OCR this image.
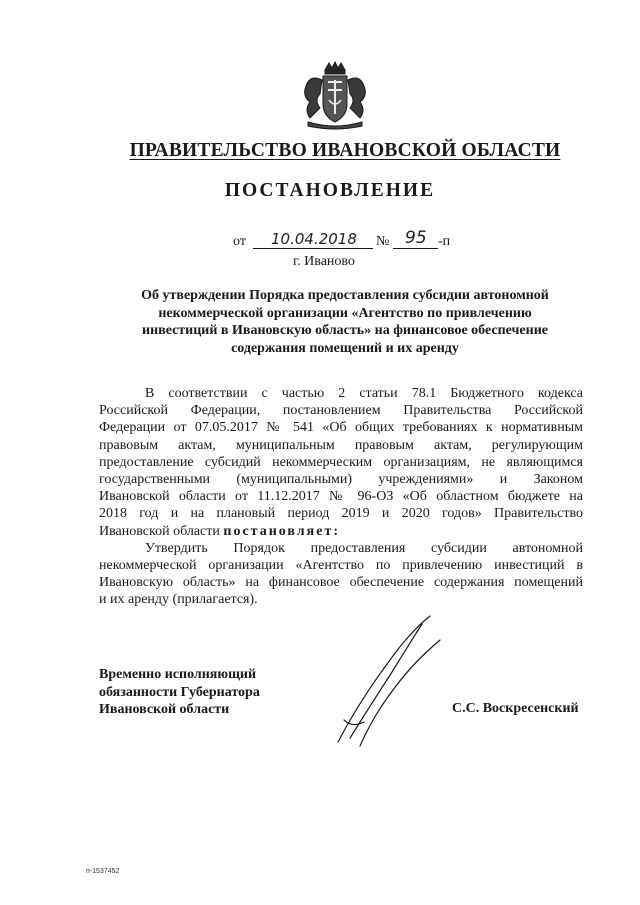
ПРАВИТЕЛЬСТВО ИВАНОВСКОЙ ОБЛАСТИ
ПОСТАНОВЛЕНИЕ
от 10.04.2018 № 95 -п
г. Иваново
Об утверждении Порядка предоставления субсидии автономной
некоммерческой организации «Агентство по привлечению
инвестиций в Ивановскую область» на финансовое обеспечение
содержания помещений и их аренду
В соответствии с частью 2 статьи 78.1 Бюджетного кодекса
Российской Федерации, постановлением Правительства Российской
Федерации от 07.05.2017 № 541 «Об общих требованиях к нормативным
правовым актам, муниципальным правовым актам, регулирующим
предоставление субсидий некоммерческим организациям, не являющимся
государственными (муниципальными) учреждениями» и Законом
Ивановской области от 11.12.2017 № 96-ОЗ «Об областном бюджете на
2018 год и на плановый период 2019 и 2020 годов» Правительство
Ивановской области постановляет:
Утвердить Порядок предоставления субсидии автономной
некоммерческой организации «Агентство по привлечению инвестиций в
Ивановскую область» на финансовое обеспечение содержания помещений
и их аренду (прилагается).
Временно исполняющий
обязанности Губернатора
Ивановской области	С.С. Воскресенский
п-1537452
